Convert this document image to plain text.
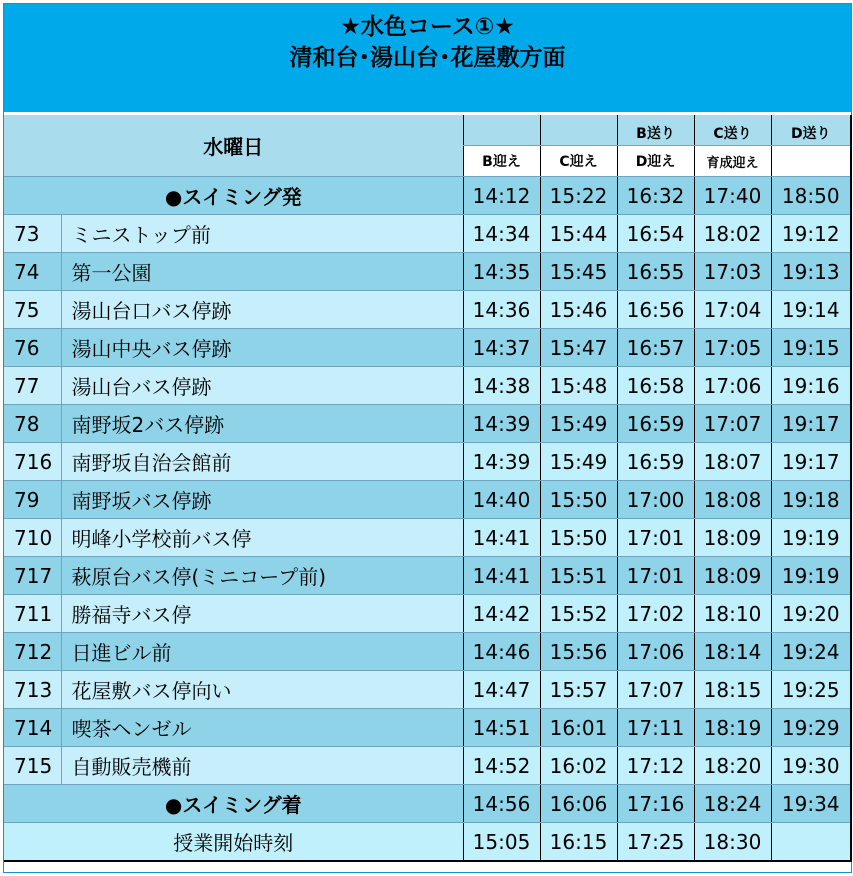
★水色コース①★
清和台･湯山台･花屋敷方面
水曜日				B送り	C送り	D送り
		B迎え	C迎え	D迎え	育成迎え	
●スイミング発		14:12	15:22	16:32	17:40	18:50
73	ミニストップ前	14:34	15:44	16:54	18:02	19:12
74	第一公園	14:35	15:45	16:55	17:03	19:13
75	湯山台口バス停跡	14:36	15:46	16:56	17:04	19:14
76	湯山中央バス停跡	14:37	15:47	16:57	17:05	19:15
77	湯山台バス停跡	14:38	15:48	16:58	17:06	19:16
78	南野坂2バス停跡	14:39	15:49	16:59	17:07	19:17
716	南野坂自治会館前	14:39	15:49	16:59	18:07	19:17
79	南野坂バス停跡	14:40	15:50	17:00	18:08	19:18
710	明峰小学校前バス停	14:41	15:50	17:01	18:09	19:19
717	萩原台バス停(ミニコープ前)	14:41	15:51	17:01	18:09	19:19
711	勝福寺バス停	14:42	15:52	17:02	18:10	19:20
712	日進ビル前	14:46	15:56	17:06	18:14	19:24
713	花屋敷バス停向い	14:47	15:57	17:07	18:15	19:25
714	喫茶ヘンゼル	14:51	16:01	17:11	18:19	19:29
715	自動販売機前	14:52	16:02	17:12	18:20	19:30
●スイミング着		14:56	16:06	17:16	18:24	19:34
授業開始時刻		15:05	16:15	17:25	18:30	
